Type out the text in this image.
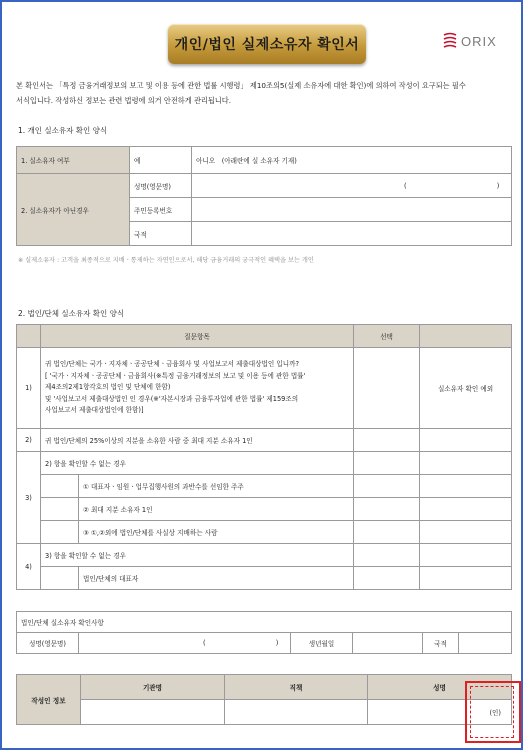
개인/법인 실제소유자 확인서	ORIX
본 확인서는 「특정 금융거래정보의 보고 및 이용 등에 관한 법률 시행령」 제10조의5(실제 소유자에 대한 확인)에 의하여 작성이 요구되는 필수
서식입니다. 작성하신 정보는 관련 법령에 의거 안전하게 관리됩니다.
1. 개인 실소유자 확인 양식
1. 실소유자 여부	예	아니오　(아래란에 실 소유자 기재)
2. 실소유자가 아닌경우	성명(영문명)	( )
	주민등록번호	
	국적	
※ 실제소유자 : 고객을 최종적으로 지배ㆍ통제하는 자연인으로서, 해당 금융거래의 궁극적인 혜택을 보는 개인
2. 법인/단체 실소유자 확인 양식
	질문항목		선택	
1)	귀 법인/단체는 국가ㆍ지자체ㆍ공공단체ㆍ금융회사 및 사업보고서 제출대상법인 입니까?
[ '국가ㆍ지자체ㆍ공공단체ㆍ금융회사(※특정 금융거래정보의 보고 및 이용 등에 관한 법률'
제4조의2제1항각호의 법인 및 단체에 한함)
및 '사업보고서 제출대상법인 인 경우(※'자본시장과 금융투자업에 관한 법률' 제159조의
사업보고서 제출대상법인에 한함)]			실소유자 확인 예외
2)	귀 법인/단체의 25%이상의 지분을 소유한 사람 중 최대 지분 소유자 1인			
3)	2) 항을 확인할 수 없는 경우			
		① 대표자ㆍ임원ㆍ업무집행사원의 과반수를 선임한 주주		
		② 최대 지분 소유자 1인		
		③ ①,②외에 법인/단체를 사실상 지배하는 사람		
4)	3) 항을 확인할 수 없는 경우			
		법인/단체의 대표자		
법인/단체 실소유자 확인사항
성명(영문명)	(	)	생년월일		국적	
작성인 정보	기관명	직책	성명
			(인)
